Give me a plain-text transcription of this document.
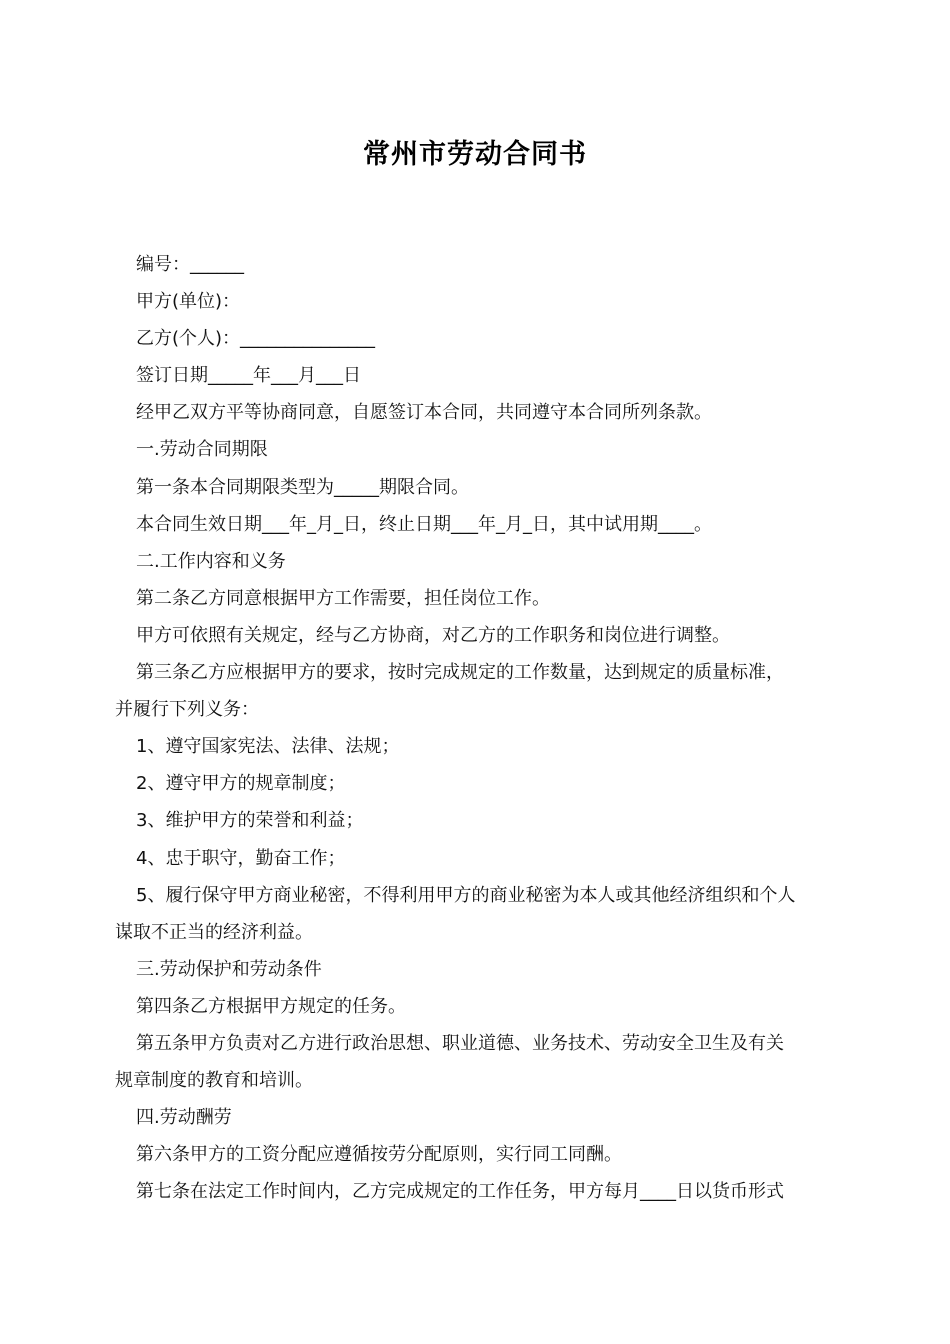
常州市劳动合同书
编号：______
甲方(单位)：
乙方(个人)：_______________
签订日期_____年___月___日
经甲乙双方平等协商同意，自愿签订本合同，共同遵守本合同所列条款。
一.劳动合同期限
第一条本合同期限类型为_____期限合同。
本合同生效日期___年_月_日，终止日期___年_月_日，其中试用期____。
二.工作内容和义务
第二条乙方同意根据甲方工作需要，担任岗位工作。
甲方可依照有关规定，经与乙方协商，对乙方的工作职务和岗位进行调整。
第三条乙方应根据甲方的要求，按时完成规定的工作数量，达到规定的质量标准，
并履行下列义务：
1、遵守国家宪法、法律、法规；
2、遵守甲方的规章制度；
3、维护甲方的荣誉和利益；
4、忠于职守，勤奋工作；
5、履行保守甲方商业秘密，不得利用甲方的商业秘密为本人或其他经济组织和个人
谋取不正当的经济利益。
三.劳动保护和劳动条件
第四条乙方根据甲方规定的任务。
第五条甲方负责对乙方进行政治思想、职业道德、业务技术、劳动安全卫生及有关
规章制度的教育和培训。
四.劳动酬劳
第六条甲方的工资分配应遵循按劳分配原则，实行同工同酬。
第七条在法定工作时间内，乙方完成规定的工作任务，甲方每月____日以货币形式
